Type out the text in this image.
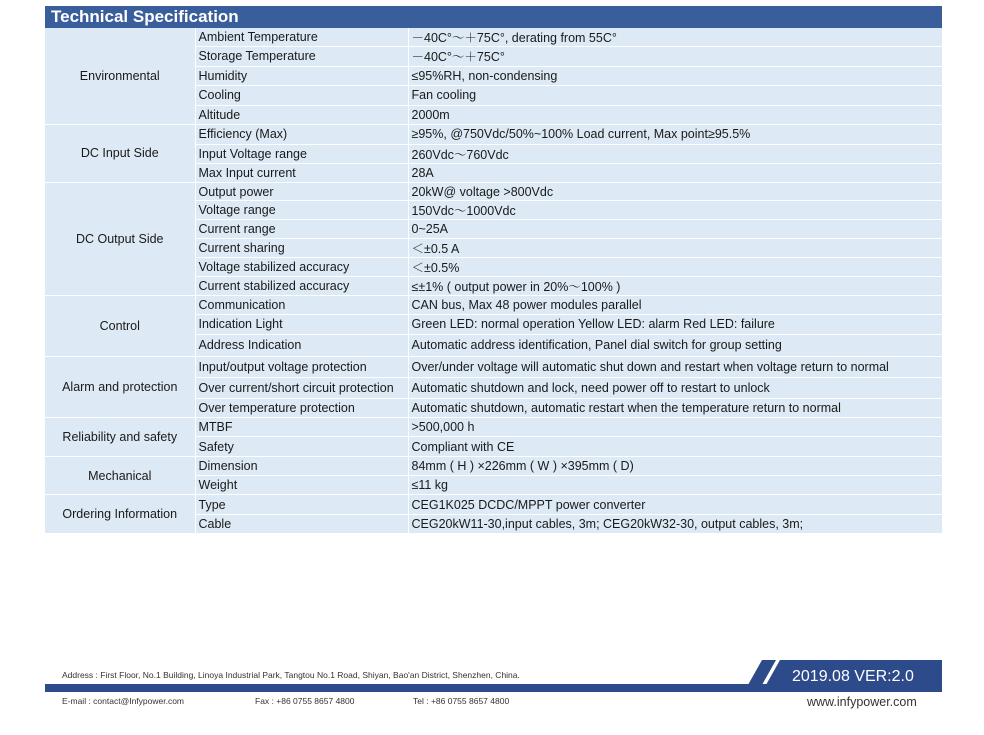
Technical Specification
Environmental	Ambient Temperature	－40C°～＋75C°, derating from 55C°
	Storage Temperature	－40C°～＋75C°
	Humidity	≤95%RH, non-condensing
	Cooling	Fan cooling
	Altitude	2000m
DC Input Side	Efficiency (Max)	≥95%, @750Vdc/50%~100% Load current, Max point≥95.5%
	Input Voltage range	260Vdc～760Vdc
	Max Input current	28A
DC Output Side	Output power	20kW@ voltage >800Vdc
	Voltage range	150Vdc～1000Vdc
	Current range	0~25A
	Current sharing	＜±0.5 A
	Voltage stabilized accuracy	＜±0.5%
	Current stabilized accuracy	≤±1% ( output power in 20%～100% )
Control	Communication	CAN bus, Max 48 power modules parallel
	Indication Light	Green LED: normal operation Yellow LED: alarm Red LED: failure
	Address Indication	Automatic address identification, Panel dial switch for group setting
Alarm and protection	Input/output voltage protection	Over/under voltage will automatic shut down and restart when voltage return to normal
	Over current/short circuit protection	Automatic shutdown and lock, need power off to restart to unlock
	Over temperature protection	Automatic shutdown, automatic restart when the temperature return to normal
Reliability and safety	MTBF	>500,000 h
	Safety	Compliant with CE
Mechanical	Dimension	84mm ( H ) ×226mm ( W ) ×395mm ( D)
	Weight	≤11 kg
Ordering Information	Type	CEG1K025 DCDC/MPPT power converter
	Cable	CEG20kW11-30,input cables, 3m; CEG20kW32-30, output cables, 3m;
Address : First Floor, No.1 Building, Linoya Industrial Park, Tangtou No.1 Road, Shiyan, Bao'an District, Shenzhen, China.	2019.08 VER:2.0
E-mail : contact@Infypower.com	Fax : +86 0755 8657 4800	Tel : +86 0755 8657 4800	www.infypower.com
